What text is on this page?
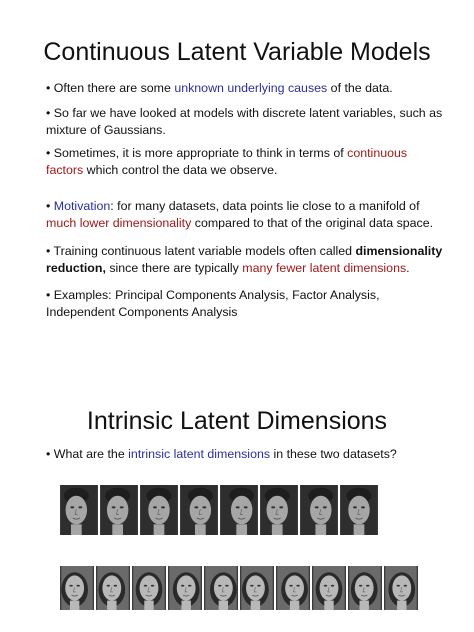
Continuous Latent Variable Models

• Often there are some unknown underlying causes of the data.

• So far we have looked at models with discrete latent variables, such as mixture of Gaussians.

• Sometimes, it is more appropriate to think in terms of continuous factors which control the data we observe.

• Motivation: for many datasets, data points lie close to a manifold of much lower dimensionality compared to that of the original data space.

• Training continuous latent variable models often called dimensionality reduction, since there are typically many fewer latent dimensions.

• Examples: Principal Components Analysis, Factor Analysis, Independent Components Analysis

Intrinsic Latent Dimensions

• What are the intrinsic latent dimensions in these two datasets?
